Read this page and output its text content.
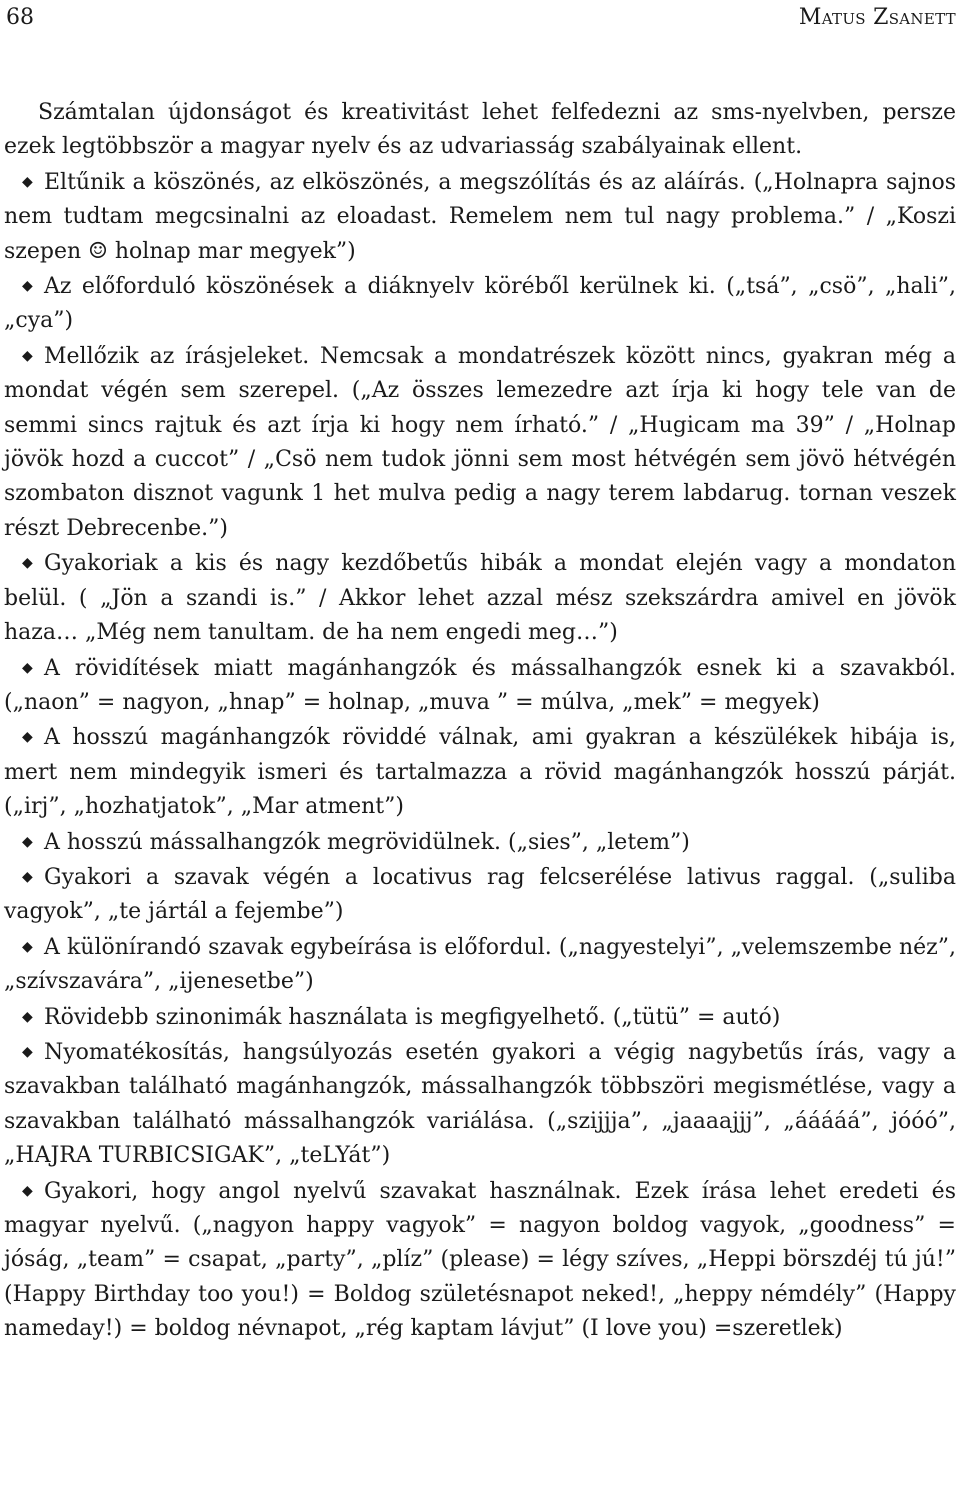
68	Matus Zsanett

Számtalan újdonságot és kreativitást lehet felfedezni az sms-nyelvben, persze ezek legtöbbször a magyar nyelv és az udvariasság szabályainak ellent.

◆ Eltűnik a köszönés, az elköszönés, a megszólítás és az aláírás. („Holnapra sajnos nem tudtam megcsinalni az eloadast. Remelem nem tul nagy problema.” / „Koszi szepen ☺ holnap mar megyek”)

◆ Az előforduló köszönések a diáknyelv köréből kerülnek ki. („tsá”, „csö”, „hali”, „cya”)

◆ Mellőzik az írásjeleket. Nemcsak a mondatrészek között nincs, gyakran még a mondat végén sem szerepel. („Az összes lemezedre azt írja ki hogy tele van de semmi sincs rajtuk és azt írja ki hogy nem írható.” / „Hugicam ma 39” / „Holnap jövök hozd a cuccot” / „Csö nem tudok jönni sem most hétvégén sem jövö hétvégén szombaton disznot vagunk 1 het mulva pedig a nagy terem labdarug. tornan veszek részt Debrecenbe.”)

◆ Gyakoriak a kis és nagy kezdőbetűs hibák a mondat elején vagy a mondaton belül. ( „Jön a szandi is.” / Akkor lehet azzal mész szekszárdra amivel en jövök haza… „Még nem tanultam. de ha nem engedi meg…”)

◆ A rövidítések miatt magánhangzók és mássalhangzók esnek ki a szavakból. („naon” = nagyon, „hnap” = holnap, „muva ” = múlva, „mek” = megyek)

◆ A hosszú magánhangzók röviddé válnak, ami gyakran a készülékek hibája is, mert nem mindegyik ismeri és tartalmazza a rövid magánhangzók hosszú párját. („irj”, „hozhatjatok”, „Mar atment”)

◆ A hosszú mássalhangzók megrövidülnek. („sies”, „letem”)

◆ Gyakori a szavak végén a locativus rag felcserélése lativus raggal. („suliba vagyok”, „te jártál a fejembe”)

◆ A különírandó szavak egybeírása is előfordul. („nagyestelyi”, „velemszembe néz”, „szívszavára”, „ijenesetbe”)

◆ Rövidebb szinonimák használata is megfigyelhető. („tütü” = autó)

◆ Nyomatékosítás, hangsúlyozás esetén gyakori a végig nagybetűs írás, vagy a szavakban található magánhangzók, mássalhangzók többszöri megismétlése, vagy a szavakban található mássalhangzók variálása. („szijjja”, „jaaaajjj”, „ááááá”, jóóó”, „HAJRA TURBICSIGAK”, „teLYát”)

◆ Gyakori, hogy angol nyelvű szavakat használnak. Ezek írása lehet eredeti és magyar nyelvű. („nagyon happy vagyok” = nagyon boldog vagyok, „goodness” = jóság, „team” = csapat, „party”, „plíz” (please) = légy szíves, „Heppi börszdéj tú jú!” (Happy Birthday too you!) = Boldog születésnapot neked!, „heppy némdély” (Happy nameday!) = boldog névnapot, „rég kaptam lávjut” (I love you) =szeretlek)
